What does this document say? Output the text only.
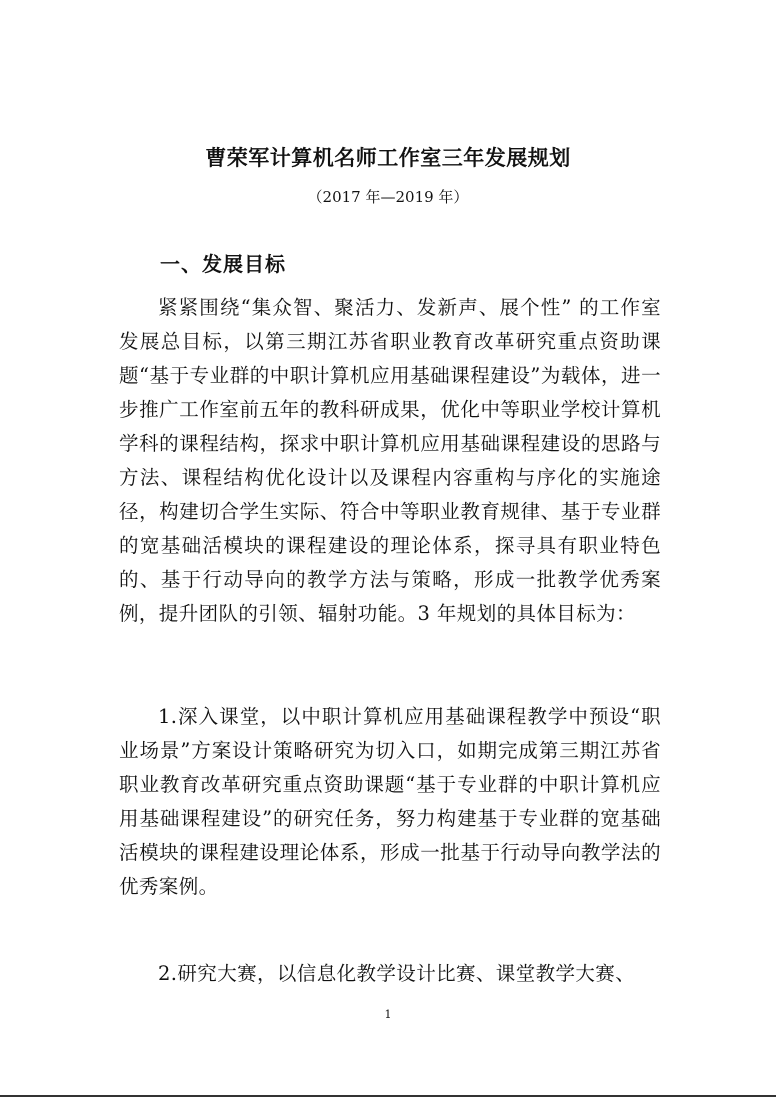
曹荣军计算机名师工作室三年发展规划

（2017 年—2019 年）

一、发展目标

紧紧围绕“集众智、聚活力、发新声、展个性” 的工作室发展总目标，以第三期江苏省职业教育改革研究重点资助课题“基于专业群的中职计算机应用基础课程建设”为载体，进一步推广工作室前五年的教科研成果，优化中等职业学校计算机学科的课程结构，探求中职计算机应用基础课程建设的思路与方法、课程结构优化设计以及课程内容重构与序化的实施途径，构建切合学生实际、符合中等职业教育规律、基于专业群的宽基础活模块的课程建设的理论体系，探寻具有职业特色的、基于行动导向的教学方法与策略，形成一批教学优秀案例，提升团队的引领、辐射功能。3 年规划的具体目标为：

1.深入课堂，以中职计算机应用基础课程教学中预设“职业场景”方案设计策略研究为切入口，如期完成第三期江苏省职业教育改革研究重点资助课题“基于专业群的中职计算机应用基础课程建设”的研究任务，努力构建基于专业群的宽基础活模块的课程建设理论体系，形成一批基于行动导向教学法的优秀案例。

2.研究大赛，以信息化教学设计比赛、课堂教学大赛、

1
